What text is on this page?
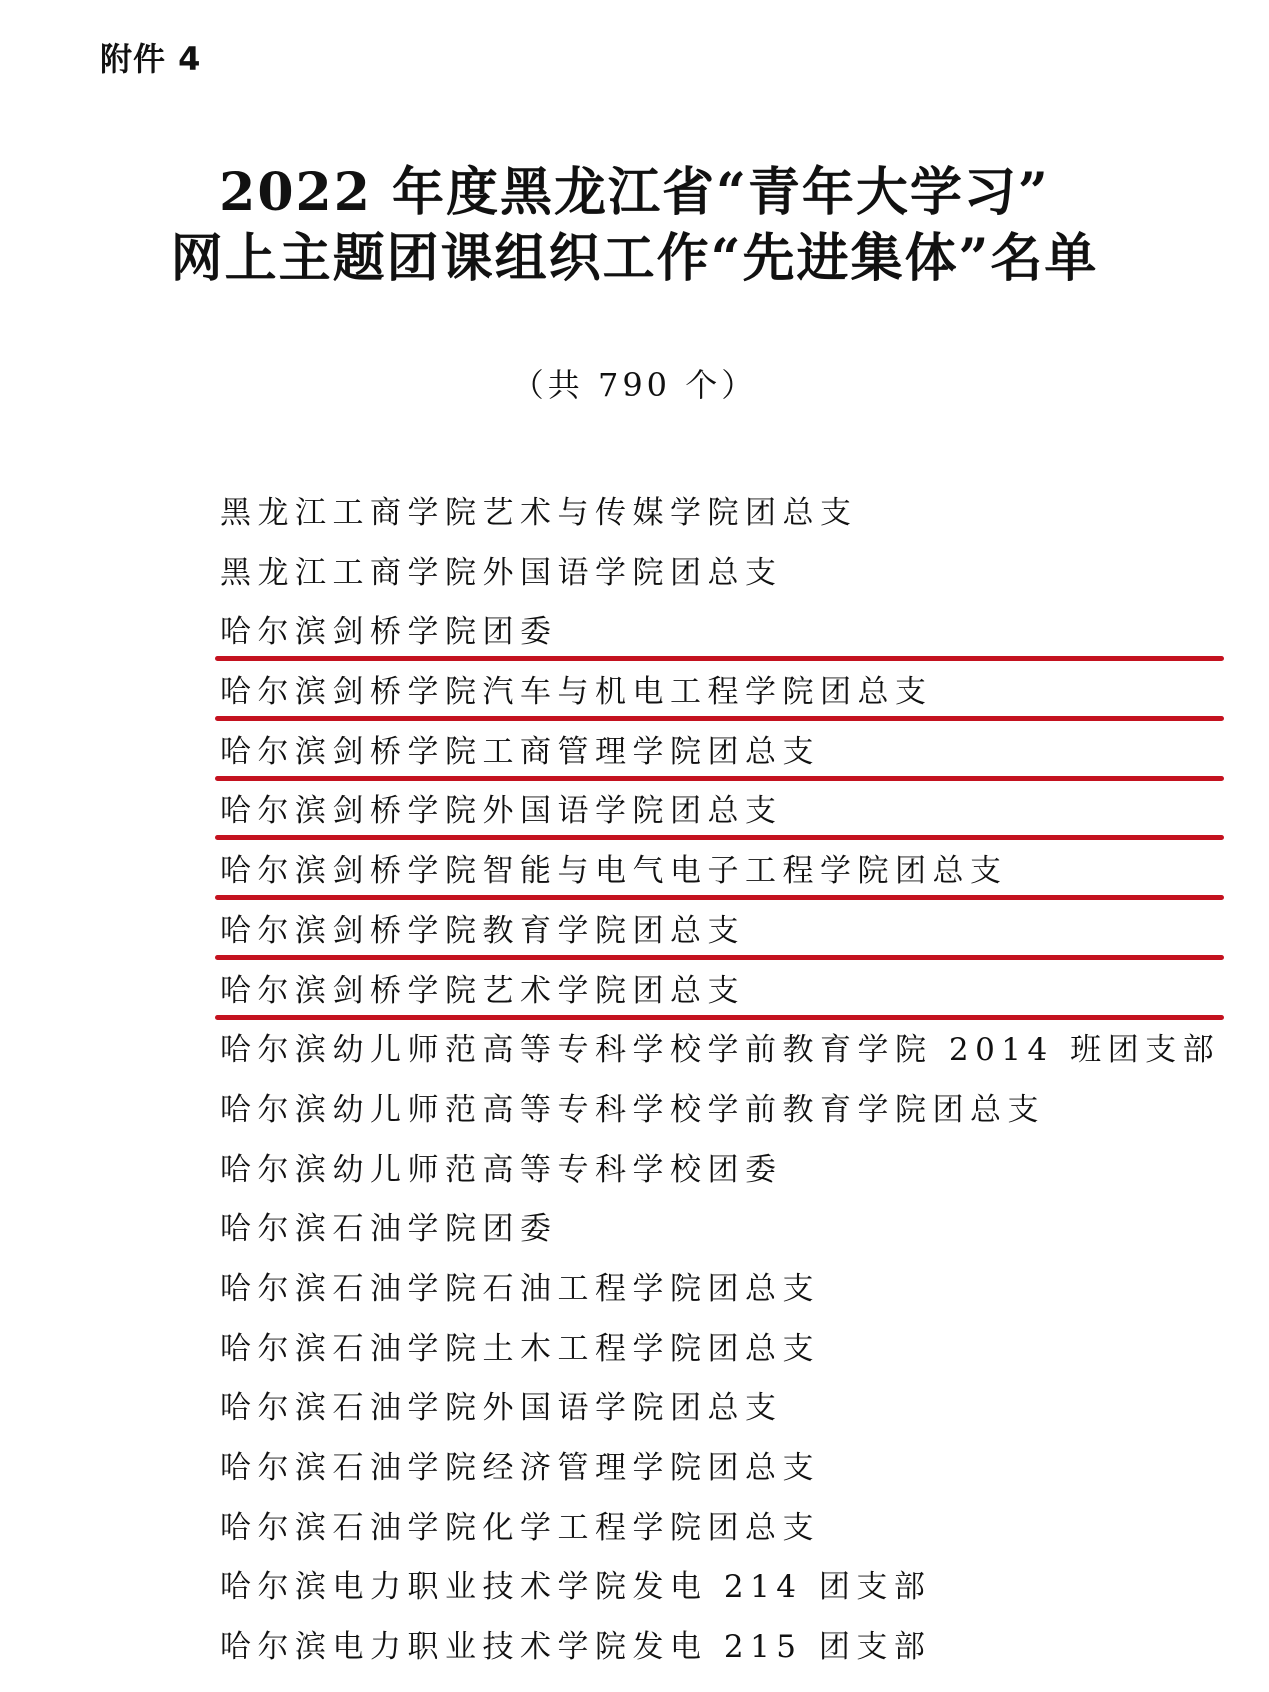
附件 4
2022 年度黑龙江省“青年大学习”
网上主题团课组织工作“先进集体”名单
（共 790 个）
黑龙江工商学院艺术与传媒学院团总支
黑龙江工商学院外国语学院团总支
哈尔滨剑桥学院团委
哈尔滨剑桥学院汽车与机电工程学院团总支
哈尔滨剑桥学院工商管理学院团总支
哈尔滨剑桥学院外国语学院团总支
哈尔滨剑桥学院智能与电气电子工程学院团总支
哈尔滨剑桥学院教育学院团总支
哈尔滨剑桥学院艺术学院团总支
哈尔滨幼儿师范高等专科学校学前教育学院 2014 班团支部
哈尔滨幼儿师范高等专科学校学前教育学院团总支
哈尔滨幼儿师范高等专科学校团委
哈尔滨石油学院团委
哈尔滨石油学院石油工程学院团总支
哈尔滨石油学院土木工程学院团总支
哈尔滨石油学院外国语学院团总支
哈尔滨石油学院经济管理学院团总支
哈尔滨石油学院化学工程学院团总支
哈尔滨电力职业技术学院发电 214 团支部
哈尔滨电力职业技术学院发电 215 团支部
